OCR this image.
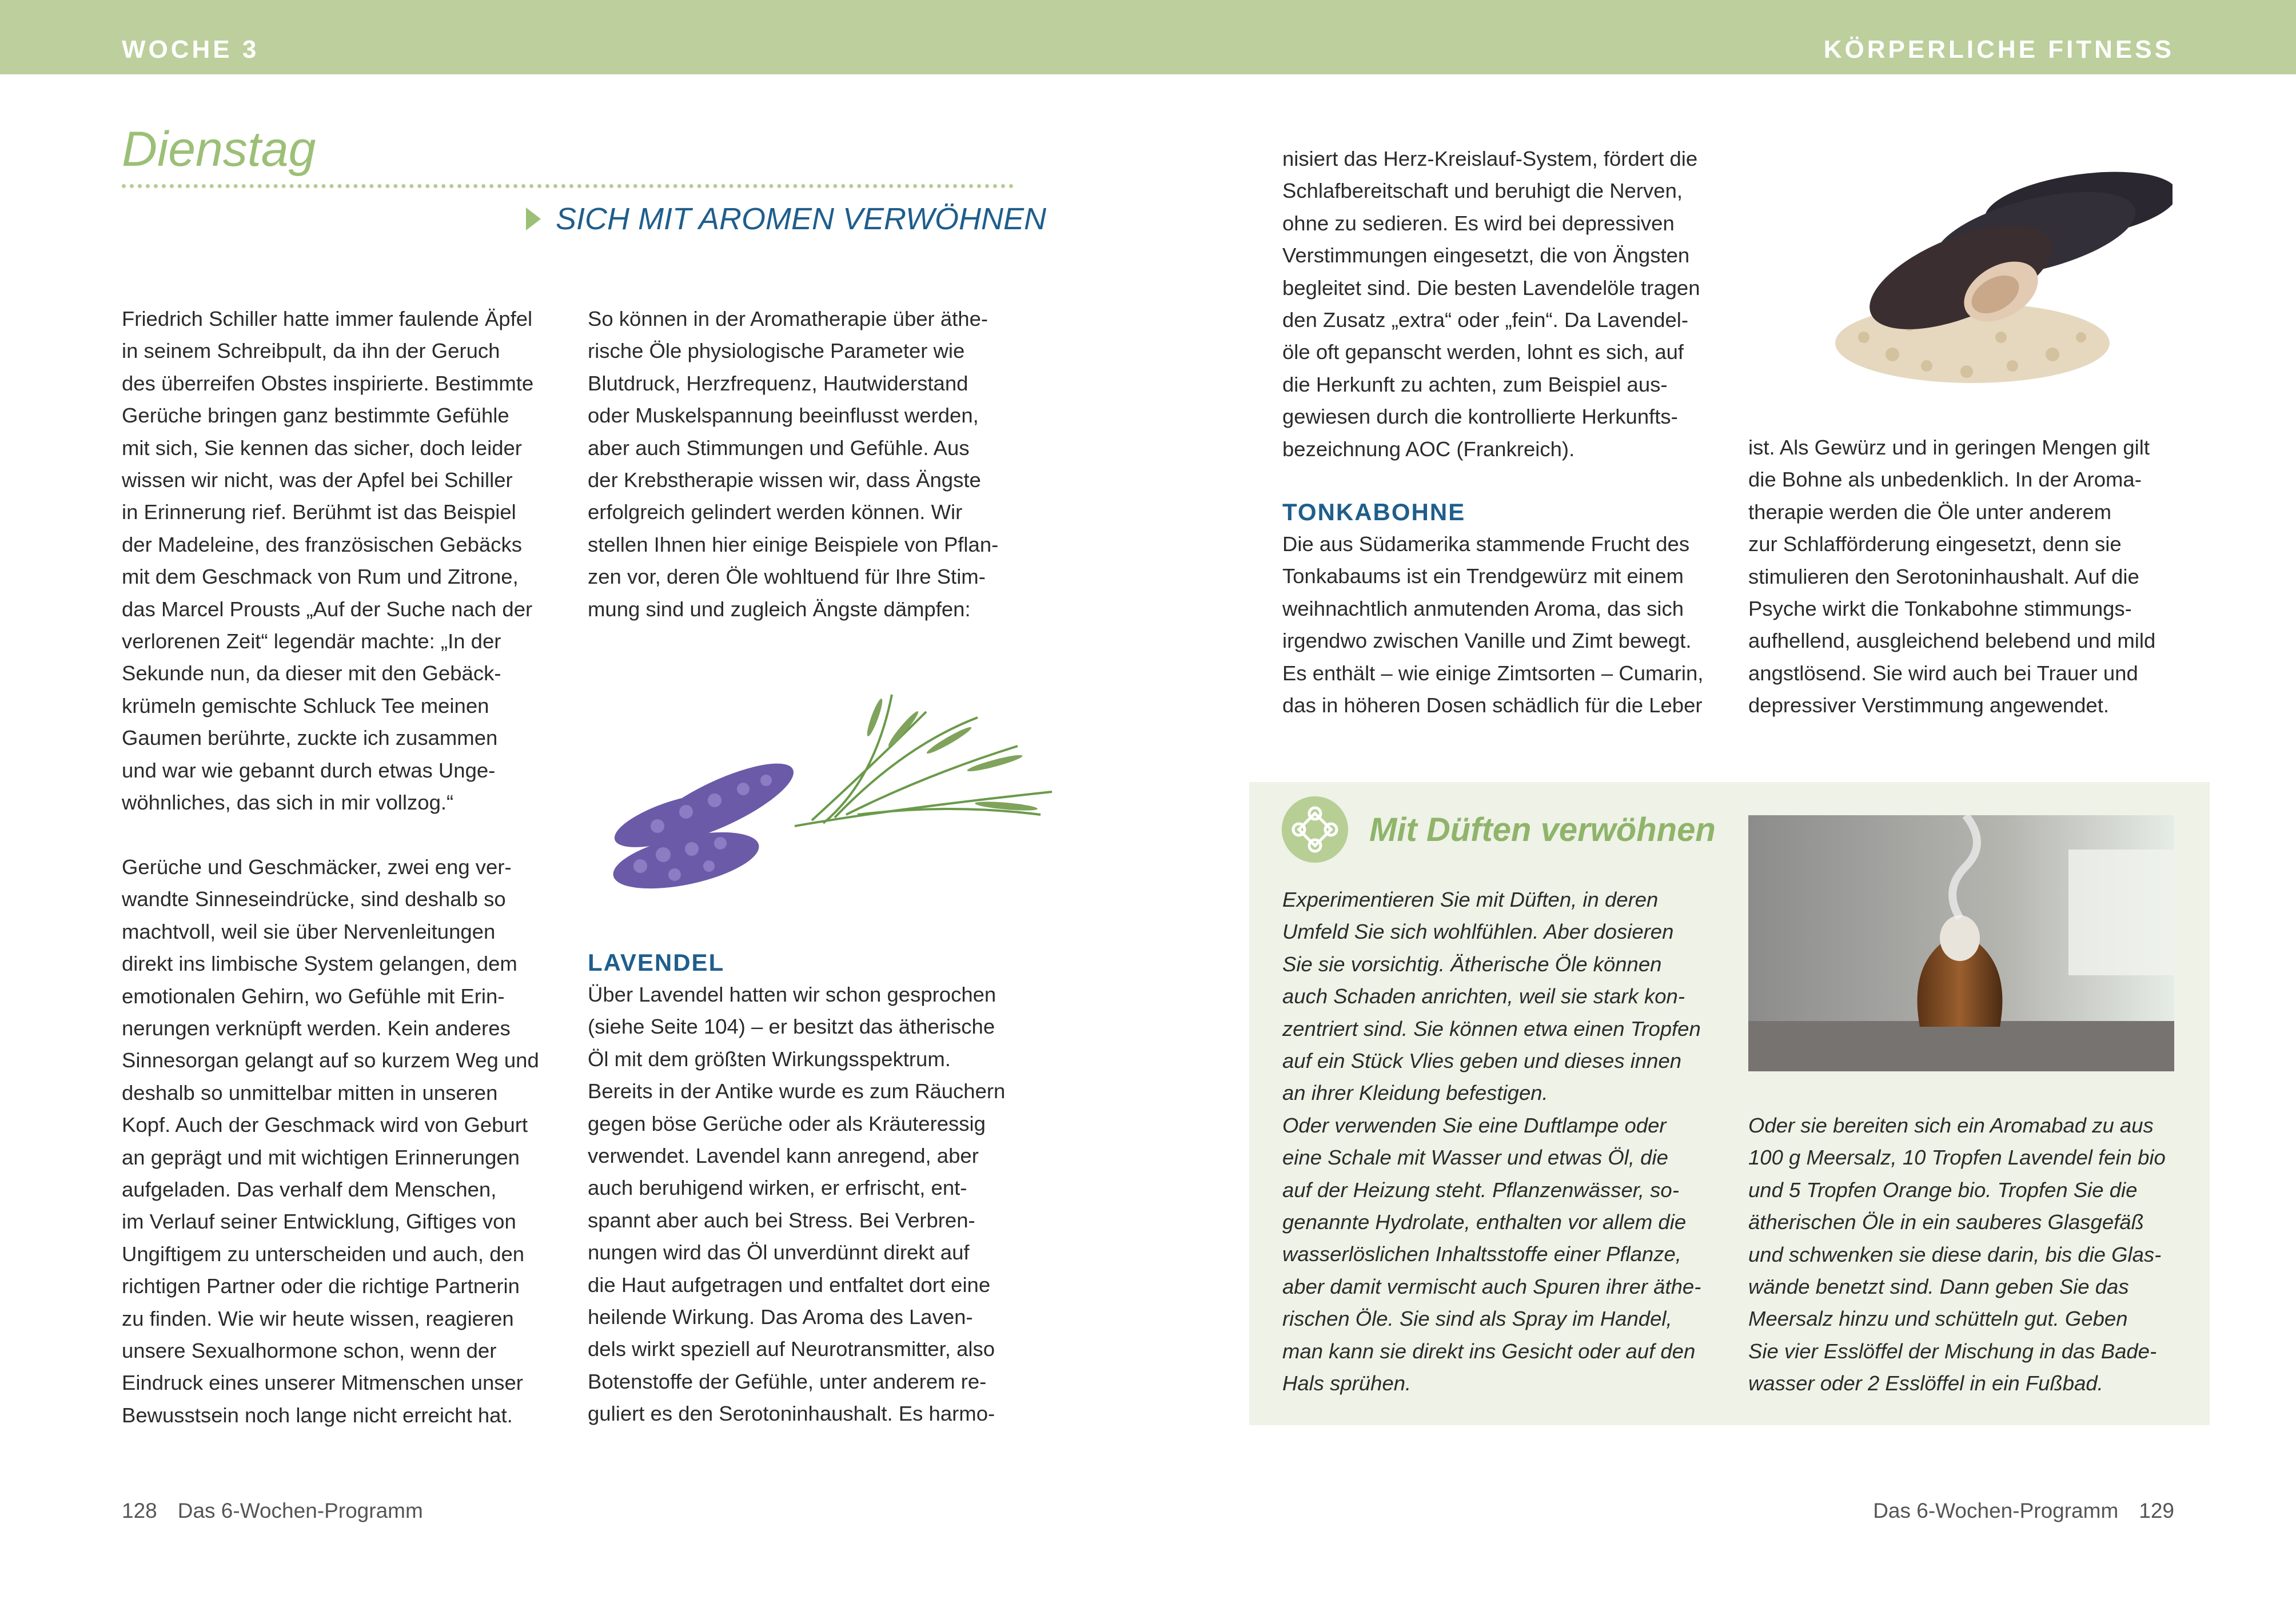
WOCHE 3	KÖRPERLICHE FITNESS
Dienstag
SICH MIT AROMEN VERWÖHNEN

Friedrich Schiller hatte immer faulende Äpfel

in seinem Schreibpult, da ihn der Geruch

des überreifen Obstes inspirierte. Bestimmte

Gerüche bringen ganz bestimmte Gefühle

mit sich, Sie kennen das sicher, doch leider

wissen wir nicht, was der Apfel bei Schiller

in Erinnerung rief. Berühmt ist das Beispiel

der Madeleine, des französischen Gebäcks

mit dem Geschmack von Rum und Zitrone,

das Marcel Prousts „Auf der Suche nach der

verlorenen Zeit“ legendär machte: „In der

Sekunde nun, da dieser mit den Gebäck-

krümeln gemischte Schluck Tee meinen

Gaumen berührte, zuckte ich zusammen

und war wie gebannt durch etwas Unge-

wöhnliches, das sich in mir vollzog.“

Gerüche und Geschmäcker, zwei eng ver-

wandte Sinneseindrücke, sind deshalb so

machtvoll, weil sie über Nervenleitungen

direkt ins limbische System gelangen, dem

emotionalen Gehirn, wo Gefühle mit Erin-

nerungen verknüpft werden. Kein anderes

Sinnesorgan gelangt auf so kurzem Weg und

deshalb so unmittelbar mitten in unseren

Kopf. Auch der Geschmack wird von Geburt

an geprägt und mit wichtigen Erinnerungen

aufgeladen. Das verhalf dem Menschen,

im Verlauf seiner Entwicklung, Giftiges von

Ungiftigem zu unterscheiden und auch, den

richtigen Partner oder die richtige Partnerin

zu finden. Wie wir heute wissen, reagieren

unsere Sexualhormone schon, wenn der

Eindruck eines unserer Mitmenschen unser

Bewusstsein noch lange nicht erreicht hat.

So können in der Aromatherapie über äthe-

rische Öle physiologische Parameter wie

Blutdruck, Herzfrequenz, Hautwiderstand

oder Muskelspannung beeinflusst werden,

aber auch Stimmungen und Gefühle. Aus

der Krebstherapie wissen wir, dass Ängste

erfolgreich gelindert werden können. Wir

stellen Ihnen hier einige Beispiele von Pflan-

zen vor, deren Öle wohltuend für Ihre Stim-

mung sind und zugleich Ängste dämpfen:

LAVENDEL

Über Lavendel hatten wir schon gesprochen

(siehe Seite 104) – er besitzt das ätherische

Öl mit dem größten Wirkungsspektrum.

Bereits in der Antike wurde es zum Räuchern

gegen böse Gerüche oder als Kräuteressig

verwendet. Lavendel kann anregend, aber

auch beruhigend wirken, er erfrischt, ent-

spannt aber auch bei Stress. Bei Verbren-

nungen wird das Öl unverdünnt direkt auf

die Haut aufgetragen und entfaltet dort eine

heilende Wirkung. Das Aroma des Laven-

dels wirkt speziell auf Neurotransmitter, also

Botenstoffe der Gefühle, unter anderem re-

guliert es den Serotoninhaushalt. Es harmo-

nisiert das Herz-Kreislauf-System, fördert die

Schlafbereitschaft und beruhigt die Nerven,

ohne zu sedieren. Es wird bei depressiven

Verstimmungen eingesetzt, die von Ängsten

begleitet sind. Die besten Lavendelöle tragen

den Zusatz „extra“ oder „fein“. Da Lavendel-

öle oft gepanscht werden, lohnt es sich, auf

die Herkunft zu achten, zum Beispiel aus-

gewiesen durch die kontrollierte Herkunfts-

bezeichnung AOC (Frankreich).

TONKABOHNE

Die aus Südamerika stammende Frucht des

Tonkabaums ist ein Trendgewürz mit einem

weihnachtlich anmutenden Aroma, das sich

irgendwo zwischen Vanille und Zimt bewegt.

Es enthält – wie einige Zimtsorten – Cumarin,

das in höheren Dosen schädlich für die Leber

ist. Als Gewürz und in geringen Mengen gilt

die Bohne als unbedenklich. In der Aroma-

therapie werden die Öle unter anderem

zur Schlafförderung eingesetzt, denn sie

stimulieren den Serotoninhaushalt. Auf die

Psyche wirkt die Tonkabohne stimmungs-

aufhellend, ausgleichend belebend und mild

angstlösend. Sie wird auch bei Trauer und

depressiver Verstimmung angewendet.

Mit Düften verwöhnen

Experimentieren Sie mit Düften, in deren

Umfeld Sie sich wohlfühlen. Aber dosieren

Sie sie vorsichtig. Ätherische Öle können

auch Schaden anrichten, weil sie stark kon-

zentriert sind. Sie können etwa einen Tropfen

auf ein Stück Vlies geben und dieses innen

an ihrer Kleidung befestigen.

Oder verwenden Sie eine Duftlampe oder

eine Schale mit Wasser und etwas Öl, die

auf der Heizung steht. Pflanzenwässer, so-

genannte Hydrolate, enthalten vor allem die

wasserlöslichen Inhaltsstoffe einer Pflanze,

aber damit vermischt auch Spuren ihrer äthe-

rischen Öle. Sie sind als Spray im Handel,

man kann sie direkt ins Gesicht oder auf den

Hals sprühen.

Oder sie bereiten sich ein Aromabad zu aus

100 g Meersalz, 10 Tropfen Lavendel fein bio

und 5 Tropfen Orange bio. Tropfen Sie die

ätherischen Öle in ein sauberes Glasgefäß

und schwenken sie diese darin, bis die Glas-

wände benetzt sind. Dann geben Sie das

Meersalz hinzu und schütteln gut. Geben

Sie vier Esslöffel der Mischung in das Bade-

wasser oder 2 Esslöffel in ein Fußbad.

128 Das 6-Wochen-Programm	Das 6-Wochen-Programm 129
